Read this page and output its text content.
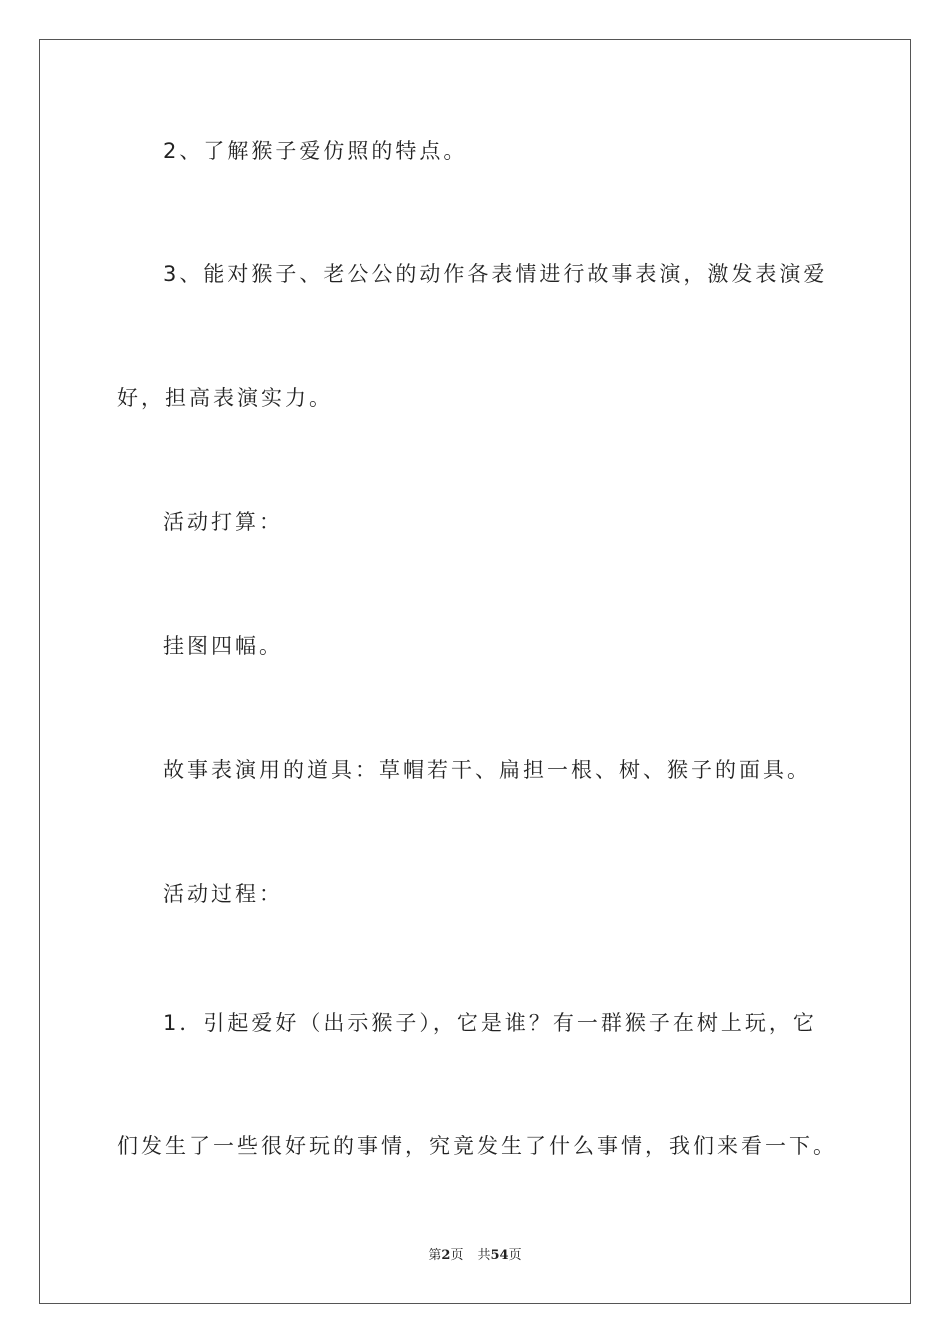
2、了解猴子爱仿照的特点。
3、能对猴子、老公公的动作各表情进行故事表演，激发表演爱
好，担高表演实力。
活动打算：
挂图四幅。
故事表演用的道具：草帽若干、扁担一根、树、猴子的面具。
活动过程：
1．引起爱好（出示猴子），它是谁？有一群猴子在树上玩，它
们发生了一些很好玩的事情，究竟发生了什么事情，我们来看一下。
第2页 共54页
